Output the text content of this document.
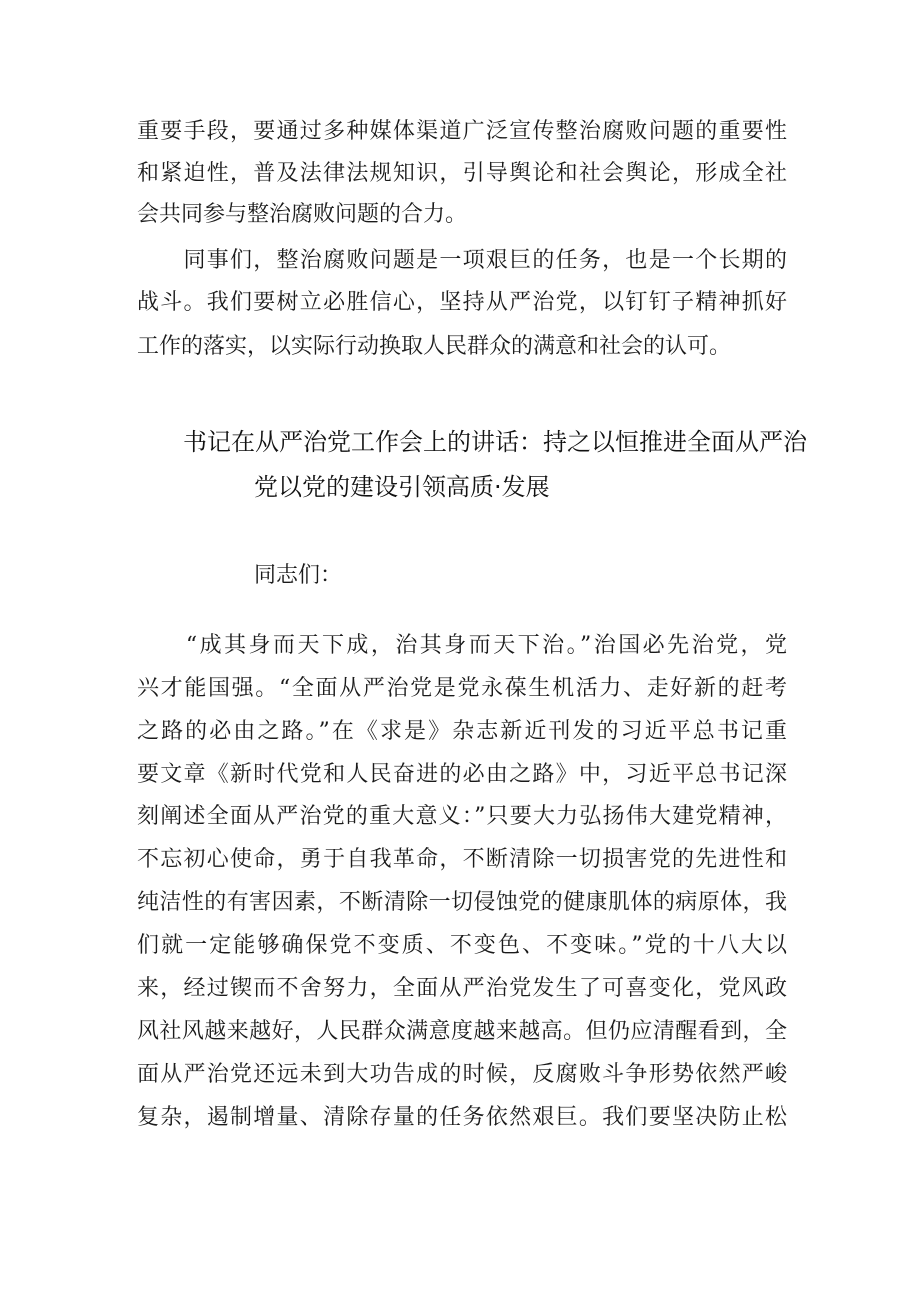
重要手段，要通过多种媒体渠道广泛宣传整治腐败问题的重要性
和紧迫性，普及法律法规知识，引导舆论和社会舆论，形成全社
会共同参与整治腐败问题的合力。
　　同事们，整治腐败问题是一项艰巨的任务，也是一个长期的
战斗。我们要树立必胜信心，坚持从严治党，以钉钉子精神抓好
工作的落实，以实际行动换取人民群众的满意和社会的认可。
书记在从严治党工作会上的讲话：持之以恒推进全面从严治
党以党的建设引领高质·发展
同志们：
　　“成其身而天下成，治其身而天下治。”治国必先治党，党
兴才能国强。“全面从严治党是党永葆生机活力、走好新的赶考
之路的必由之路。”在《求是》杂志新近刊发的习近平总书记重
要文章《新时代党和人民奋进的必由之路》中，习近平总书记深
刻阐述全面从严治党的重大意义：”只要大力弘扬伟大建党精神，
不忘初心使命，勇于自我革命，不断清除一切损害党的先进性和
纯洁性的有害因素，不断清除一切侵蚀党的健康肌体的病原体，我
们就一定能够确保党不变质、不变色、不变味。”党的十八大以
来，经过锲而不舍努力，全面从严治党发生了可喜变化，党风政
风社风越来越好，人民群众满意度越来越高。但仍应清醒看到，全
面从严治党还远未到大功告成的时候，反腐败斗争形势依然严峻
复杂，遏制增量、清除存量的任务依然艰巨。我们要坚决防止松
